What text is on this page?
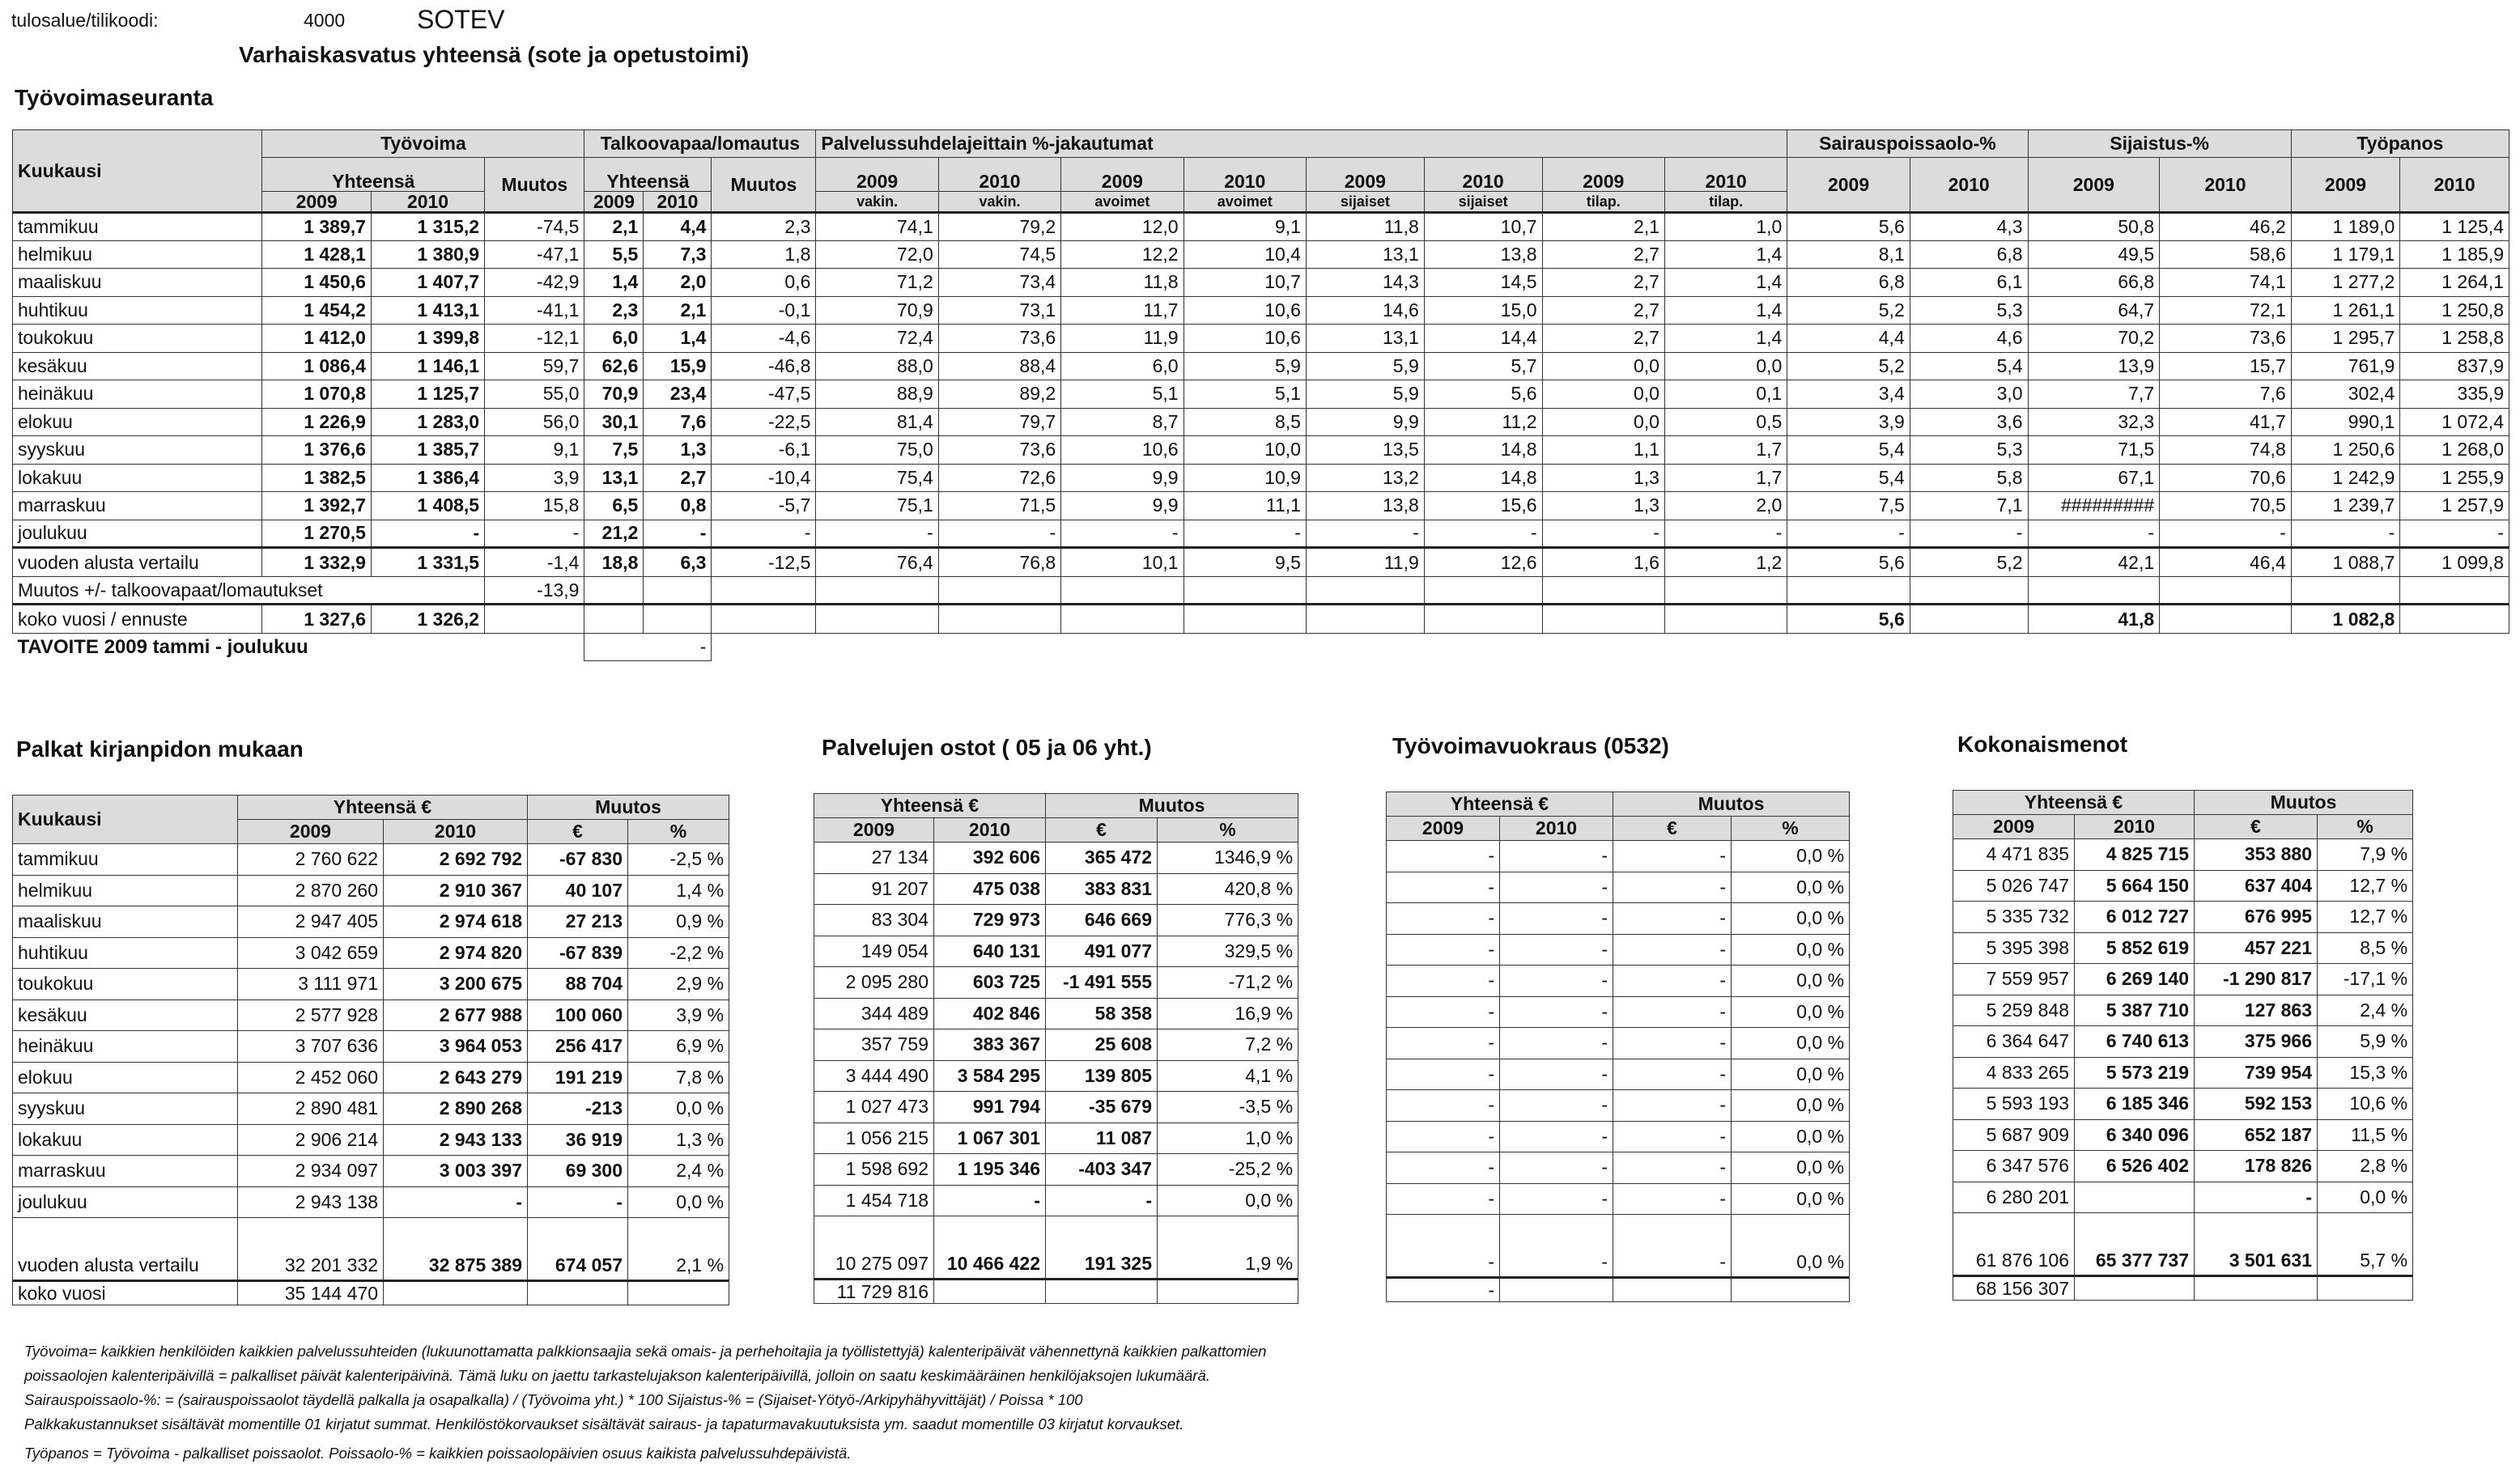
tulosalue/tilikoodi:	4000	SOTEV
Varhaiskasvatus yhteensä (sote ja opetustoimi)
Työvoimaseuranta
Kuukausi	Työvoima			Talkoovapaa/lomautus			Palvelussuhdelajeittain %-jakautumat								Sairauspoissaolo-%		Sijaistus-%		Työpanos	
	Yhteensä		Muutos	Yhteensä		Muutos	2009	2010	2009	2010	2009	2010	2009	2010	2009	2010	2009	2010	2009	2010
	2009	2010		2009	2010		vakin.	vakin.	avoimet	avoimet	sijaiset	sijaiset	tilap.	tilap.						
tammikuu	1 389,7	1 315,2	-74,5	2,1	4,4	2,3	74,1	79,2	12,0	9,1	11,8	10,7	2,1	1,0	5,6	4,3	50,8	46,2	1 189,0	1 125,4
helmikuu	1 428,1	1 380,9	-47,1	5,5	7,3	1,8	72,0	74,5	12,2	10,4	13,1	13,8	2,7	1,4	8,1	6,8	49,5	58,6	1 179,1	1 185,9
maaliskuu	1 450,6	1 407,7	-42,9	1,4	2,0	0,6	71,2	73,4	11,8	10,7	14,3	14,5	2,7	1,4	6,8	6,1	66,8	74,1	1 277,2	1 264,1
huhtikuu	1 454,2	1 413,1	-41,1	2,3	2,1	-0,1	70,9	73,1	11,7	10,6	14,6	15,0	2,7	1,4	5,2	5,3	64,7	72,1	1 261,1	1 250,8
toukokuu	1 412,0	1 399,8	-12,1	6,0	1,4	-4,6	72,4	73,6	11,9	10,6	13,1	14,4	2,7	1,4	4,4	4,6	70,2	73,6	1 295,7	1 258,8
kesäkuu	1 086,4	1 146,1	59,7	62,6	15,9	-46,8	88,0	88,4	6,0	5,9	5,9	5,7	0,0	0,0	5,2	5,4	13,9	15,7	761,9	837,9
heinäkuu	1 070,8	1 125,7	55,0	70,9	23,4	-47,5	88,9	89,2	5,1	5,1	5,9	5,6	0,0	0,1	3,4	3,0	7,7	7,6	302,4	335,9
elokuu	1 226,9	1 283,0	56,0	30,1	7,6	-22,5	81,4	79,7	8,7	8,5	9,9	11,2	0,0	0,5	3,9	3,6	32,3	41,7	990,1	1 072,4
syyskuu	1 376,6	1 385,7	9,1	7,5	1,3	-6,1	75,0	73,6	10,6	10,0	13,5	14,8	1,1	1,7	5,4	5,3	71,5	74,8	1 250,6	1 268,0
lokakuu	1 382,5	1 386,4	3,9	13,1	2,7	-10,4	75,4	72,6	9,9	10,9	13,2	14,8	1,3	1,7	5,4	5,8	67,1	70,6	1 242,9	1 255,9
marraskuu	1 392,7	1 408,5	15,8	6,5	0,8	-5,7	75,1	71,5	9,9	11,1	13,8	15,6	1,3	2,0	7,5	7,1	#########	70,5	1 239,7	1 257,9
joulukuu	1 270,5	-	-	21,2	-	-	-	-	-	-	-	-	-	-	-	-	-	-	-	-
vuoden alusta vertailu	1 332,9	1 331,5	-1,4	18,8	6,3	-12,5	76,4	76,8	10,1	9,5	11,9	12,6	1,6	1,2	5,6	5,2	42,1	46,4	1 088,7	1 099,8
Muutos +/- talkoovapaat/lomautukset			-13,9																	
koko vuosi / ennuste	1 327,6	1 326,2													5,6		41,8		1 082,8	
TAVOITE 2009 tammi - joulukuu				-																
Palkat kirjanpidon mukaan	Palvelujen ostot ( 05 ja 06 yht.)	Työvoimavuokraus (0532)	Kokonaismenot
Kuukausi	Yhteensä €		Muutos	
	2009	2010	€	%
tammikuu	2 760 622	2 692 792	-67 830	-2,5 %
helmikuu	2 870 260	2 910 367	40 107	1,4 %
maaliskuu	2 947 405	2 974 618	27 213	0,9 %
huhtikuu	3 042 659	2 974 820	-67 839	-2,2 %
toukokuu	3 111 971	3 200 675	88 704	2,9 %
kesäkuu	2 577 928	2 677 988	100 060	3,9 %
heinäkuu	3 707 636	3 964 053	256 417	6,9 %
elokuu	2 452 060	2 643 279	191 219	7,8 %
syyskuu	2 890 481	2 890 268	-213	0,0 %
lokakuu	2 906 214	2 943 133	36 919	1,3 %
marraskuu	2 934 097	3 003 397	69 300	2,4 %
joulukuu	2 943 138	-	-	0,0 %
vuoden alusta vertailu	32 201 332	32 875 389	674 057	2,1 %
koko vuosi	35 144 470			
Yhteensä €		Muutos	
2009	2010	€	%
27 134	392 606	365 472	1346,9 %
91 207	475 038	383 831	420,8 %
83 304	729 973	646 669	776,3 %
149 054	640 131	491 077	329,5 %
2 095 280	603 725	-1 491 555	-71,2 %
344 489	402 846	58 358	16,9 %
357 759	383 367	25 608	7,2 %
3 444 490	3 584 295	139 805	4,1 %
1 027 473	991 794	-35 679	-3,5 %
1 056 215	1 067 301	11 087	1,0 %
1 598 692	1 195 346	-403 347	-25,2 %
1 454 718	-	-	0,0 %
10 275 097	10 466 422	191 325	1,9 %
11 729 816			
Yhteensä €		Muutos	
2009	2010	€	%
-	-	-	0,0 %
-	-	-	0,0 %
-	-	-	0,0 %
-	-	-	0,0 %
-	-	-	0,0 %
-	-	-	0,0 %
-	-	-	0,0 %
-	-	-	0,0 %
-	-	-	0,0 %
-	-	-	0,0 %
-	-	-	0,0 %
-	-	-	0,0 %
-	-	-	0,0 %
-			
Yhteensä €		Muutos	
2009	2010	€	%
4 471 835	4 825 715	353 880	7,9 %
5 026 747	5 664 150	637 404	12,7 %
5 335 732	6 012 727	676 995	12,7 %
5 395 398	5 852 619	457 221	8,5 %
7 559 957	6 269 140	-1 290 817	-17,1 %
5 259 848	5 387 710	127 863	2,4 %
6 364 647	6 740 613	375 966	5,9 %
4 833 265	5 573 219	739 954	15,3 %
5 593 193	6 185 346	592 153	10,6 %
5 687 909	6 340 096	652 187	11,5 %
6 347 576	6 526 402	178 826	2,8 %
6 280 201		-	0,0 %
61 876 106	65 377 737	3 501 631	5,7 %
68 156 307			
Työvoima= kaikkien henkilöiden kaikkien palvelussuhteiden (lukuunottamatta palkkionsaajia sekä omais- ja perhehoitajia ja työllistettyjä) kalenteripäivät vähennettynä kaikkien palkattomien
poissaolojen kalenteripäivillä = palkalliset päivät kalenteripäivinä. Tämä luku on jaettu tarkastelujakson kalenteripäivillä, jolloin on saatu keskimääräinen henkilöjaksojen lukumäärä.
Sairauspoissaolo-%: = (sairauspoissaolot täydellä palkalla ja osapalkalla) / (Työvoima yht.) * 100 Sijaistus-% = (Sijaiset-Yötyö-/Arkipyhähyvittäjät) / Poissa * 100
Palkkakustannukset sisältävät momentille 01 kirjatut summat. Henkilöstökorvaukset sisältävät sairaus- ja tapaturmavakuutuksista ym. saadut momentille 03 kirjatut korvaukset.
Työpanos = Työvoima - palkalliset poissaolot. Poissaolo-% = kaikkien poissaolopäivien osuus kaikista palvelussuhdepäivistä.
